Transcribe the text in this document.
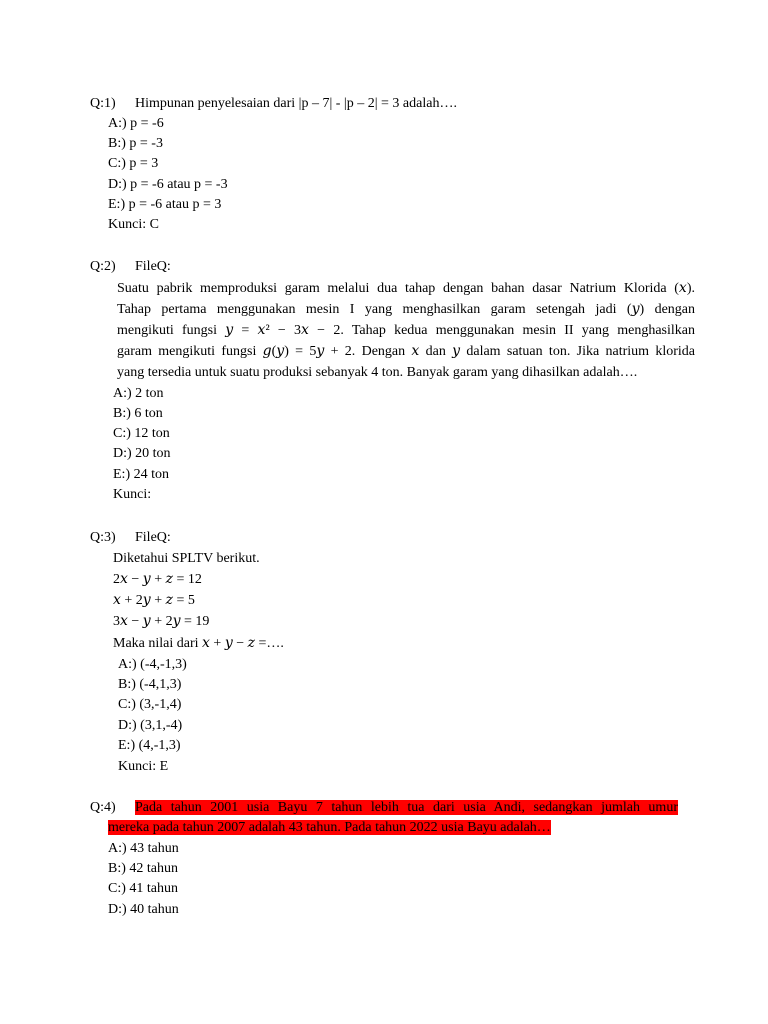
Q:1) Himpunan penyelesaian dari |p – 7| - |p – 2| = 3 adalah….
A:) p = -6
B:) p = -3
C:) p = 3
D:) p = -6 atau p = -3
E:) p = -6 atau p = 3
Kunci: C
Q:2) FileQ:
Suatu pabrik memproduksi garam melalui dua tahap dengan bahan dasar Natrium Klorida (𝑥).
Tahap pertama menggunakan mesin I yang menghasilkan garam setengah jadi (𝑦) dengan
mengikuti fungsi 𝑦 = 𝑥² − 3𝑥 − 2. Tahap kedua menggunakan mesin II yang menghasilkan
garam mengikuti fungsi 𝑔(𝑦) = 5𝑦 + 2. Dengan 𝑥 dan 𝑦 dalam satuan ton. Jika natrium klorida
yang tersedia untuk suatu produksi sebanyak 4 ton. Banyak garam yang dihasilkan adalah….
A:) 2 ton
B:) 6 ton
C:) 12 ton
D:) 20 ton
E:) 24 ton
Kunci:
Q:3) FileQ:
Diketahui SPLTV berikut.
2𝑥 − 𝑦 + 𝑧 = 12
𝑥 + 2𝑦 + 𝑧 = 5
3𝑥 − 𝑦 + 2𝑦 = 19
Maka nilai dari 𝑥 + 𝑦 − 𝑧 =….
A:) (-4,-1,3)
B:) (-4,1,3)
C:) (3,-1,4)
D:) (3,1,-4)
E:) (4,-1,3)
Kunci: E
Q:4)	Pada tahun 2001 usia Bayu 7 tahun lebih tua dari usia Andi, sedangkan jumlah umur
mereka pada tahun 2007 adalah 43 tahun. Pada tahun 2022 usia Bayu adalah…
A:) 43 tahun
B:) 42 tahun
C:) 41 tahun
D:) 40 tahun
